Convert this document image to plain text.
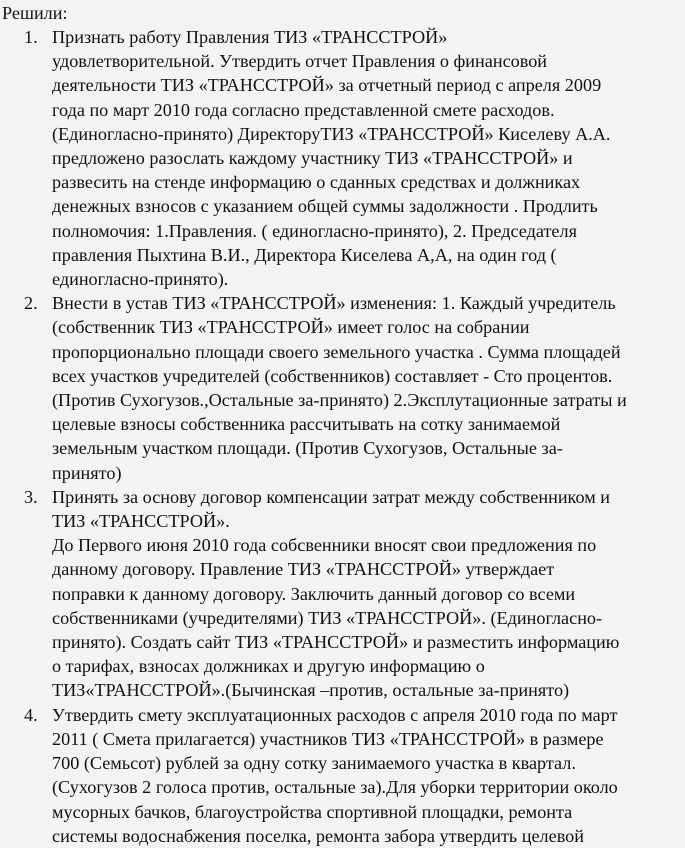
Решили:

1. Признать работу Правления ТИЗ «ТРАНССТРОЙ»
удовлетворительной. Утвердить отчет Правления о финансовой
деятельности ТИЗ «ТРАНССТРОЙ» за отчетный период с апреля 2009
года по март 2010 года согласно представленной смете расходов.
(Единогласно-принято) ДиректоруТИЗ «ТРАНССТРОЙ» Киселеву А.А.
предложено разослать каждому участнику ТИЗ «ТРАНССТРОЙ» и
развесить на стенде информацию о сданных средствах и должниках
денежных взносов с указанием общей суммы задолжности . Продлить
полномочия: 1.Правления. ( единогласно-принято), 2. Председателя
правления Пыхтина В.И., Директора Киселева А,А, на один год (
единогласно-принято).
2. Внести в устав ТИЗ «ТРАНССТРОЙ» изменения: 1. Каждый учредитель
(собственник ТИЗ «ТРАНССТРОЙ» имеет голос на собрании
пропорционально площади своего земельного участка . Сумма площадей
всех участков учредителей (собственников) составляет - Сто процентов.
(Против Сухогузов.,Остальные за-принято) 2.Эксплутационные затраты и
целевые взносы собственника рассчитывать на сотку занимаемой
земельным участком площади. (Против Сухогузов, Остальные за-
принято)
3. Принять за основу договор компенсации затрат между собственником и
ТИЗ «ТРАНССТРОЙ».
До Первого июня 2010 года собсвенники вносят свои предложения по
данному договору. Правление ТИЗ «ТРАНССТРОЙ» утверждает
поправки к данному договору. Заключить данный договор со всеми
собственниками (учредителями) ТИЗ «ТРАНССТРОЙ». (Единогласно-
принято). Создать сайт ТИЗ «ТРАНССТРОЙ» и разместить информацию
о тарифах, взносах должниках и другую информацию о
ТИЗ«ТРАНССТРОЙ».(Бычинская –против, остальные за-принято)
4. Утвердить смету эксплуатационных расходов с апреля 2010 года по март
2011 ( Смета прилагается) участников ТИЗ «ТРАНССТРОЙ» в размере
700 (Семьсот) рублей за одну сотку занимаемого участка в квартал.
(Сухогузов 2 голоса против, остальные за).Для уборки территории около
мусорных бачков, благоустройства спортивной площадки, ремонта
системы водоснабжения поселка, ремонта забора утвердить целевой
